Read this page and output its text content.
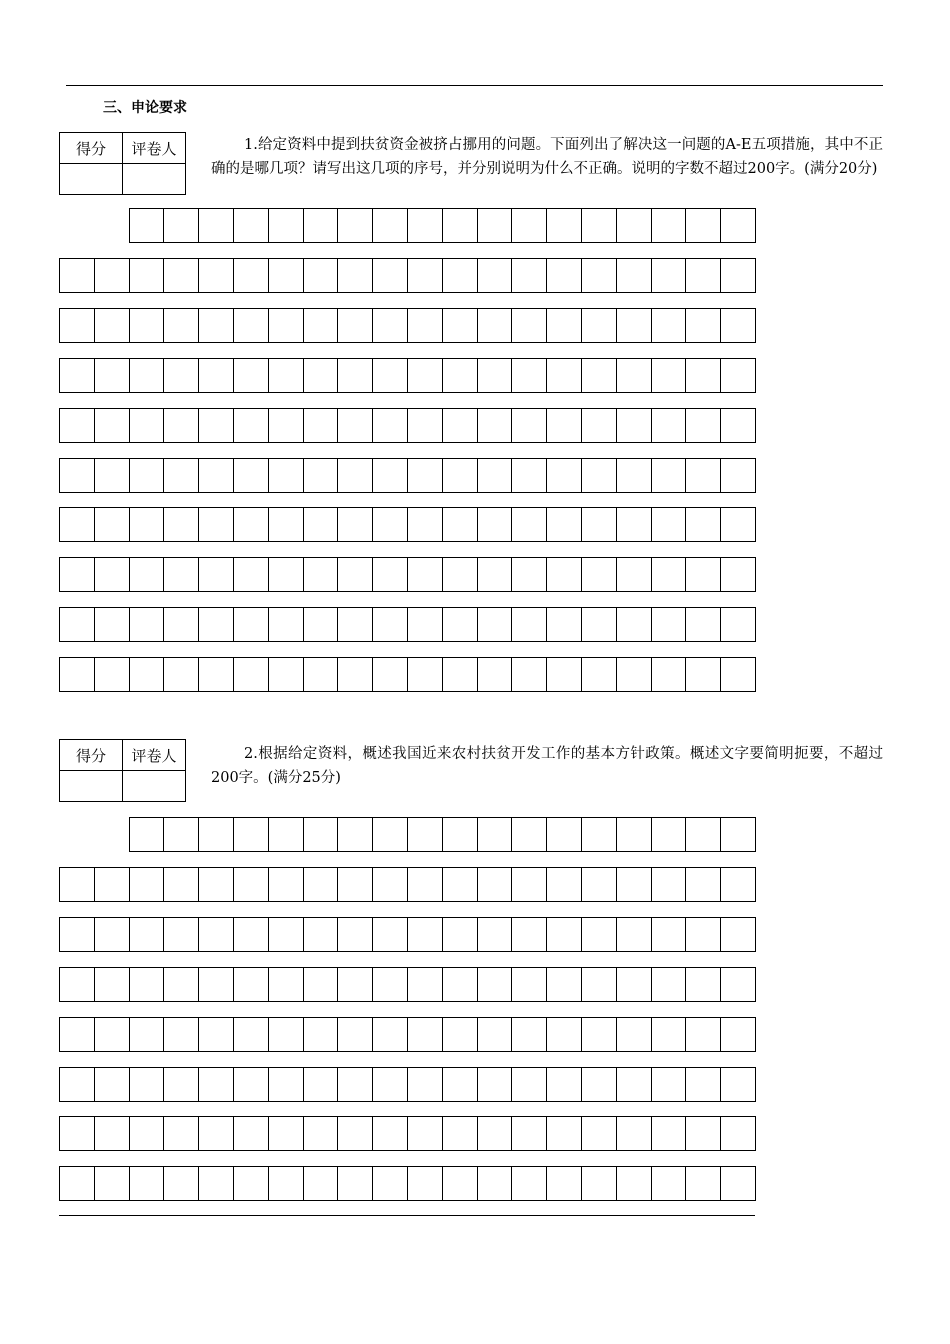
三、申论要求
得分	评卷人
		1.给定资料中提到扶贫资金被挤占挪用的问题。下面列出了解决这一问题的A-E五项措施，其中不正确的是哪几项？请写出这几项的序号，并分别说明为什么不正确。说明的字数不超过200字。(满分20分)
得分	评卷人
		2.根据给定资料，概述我国近来农村扶贫开发工作的基本方针政策。概述文字要简明扼要，不超过200字。(满分25分)
